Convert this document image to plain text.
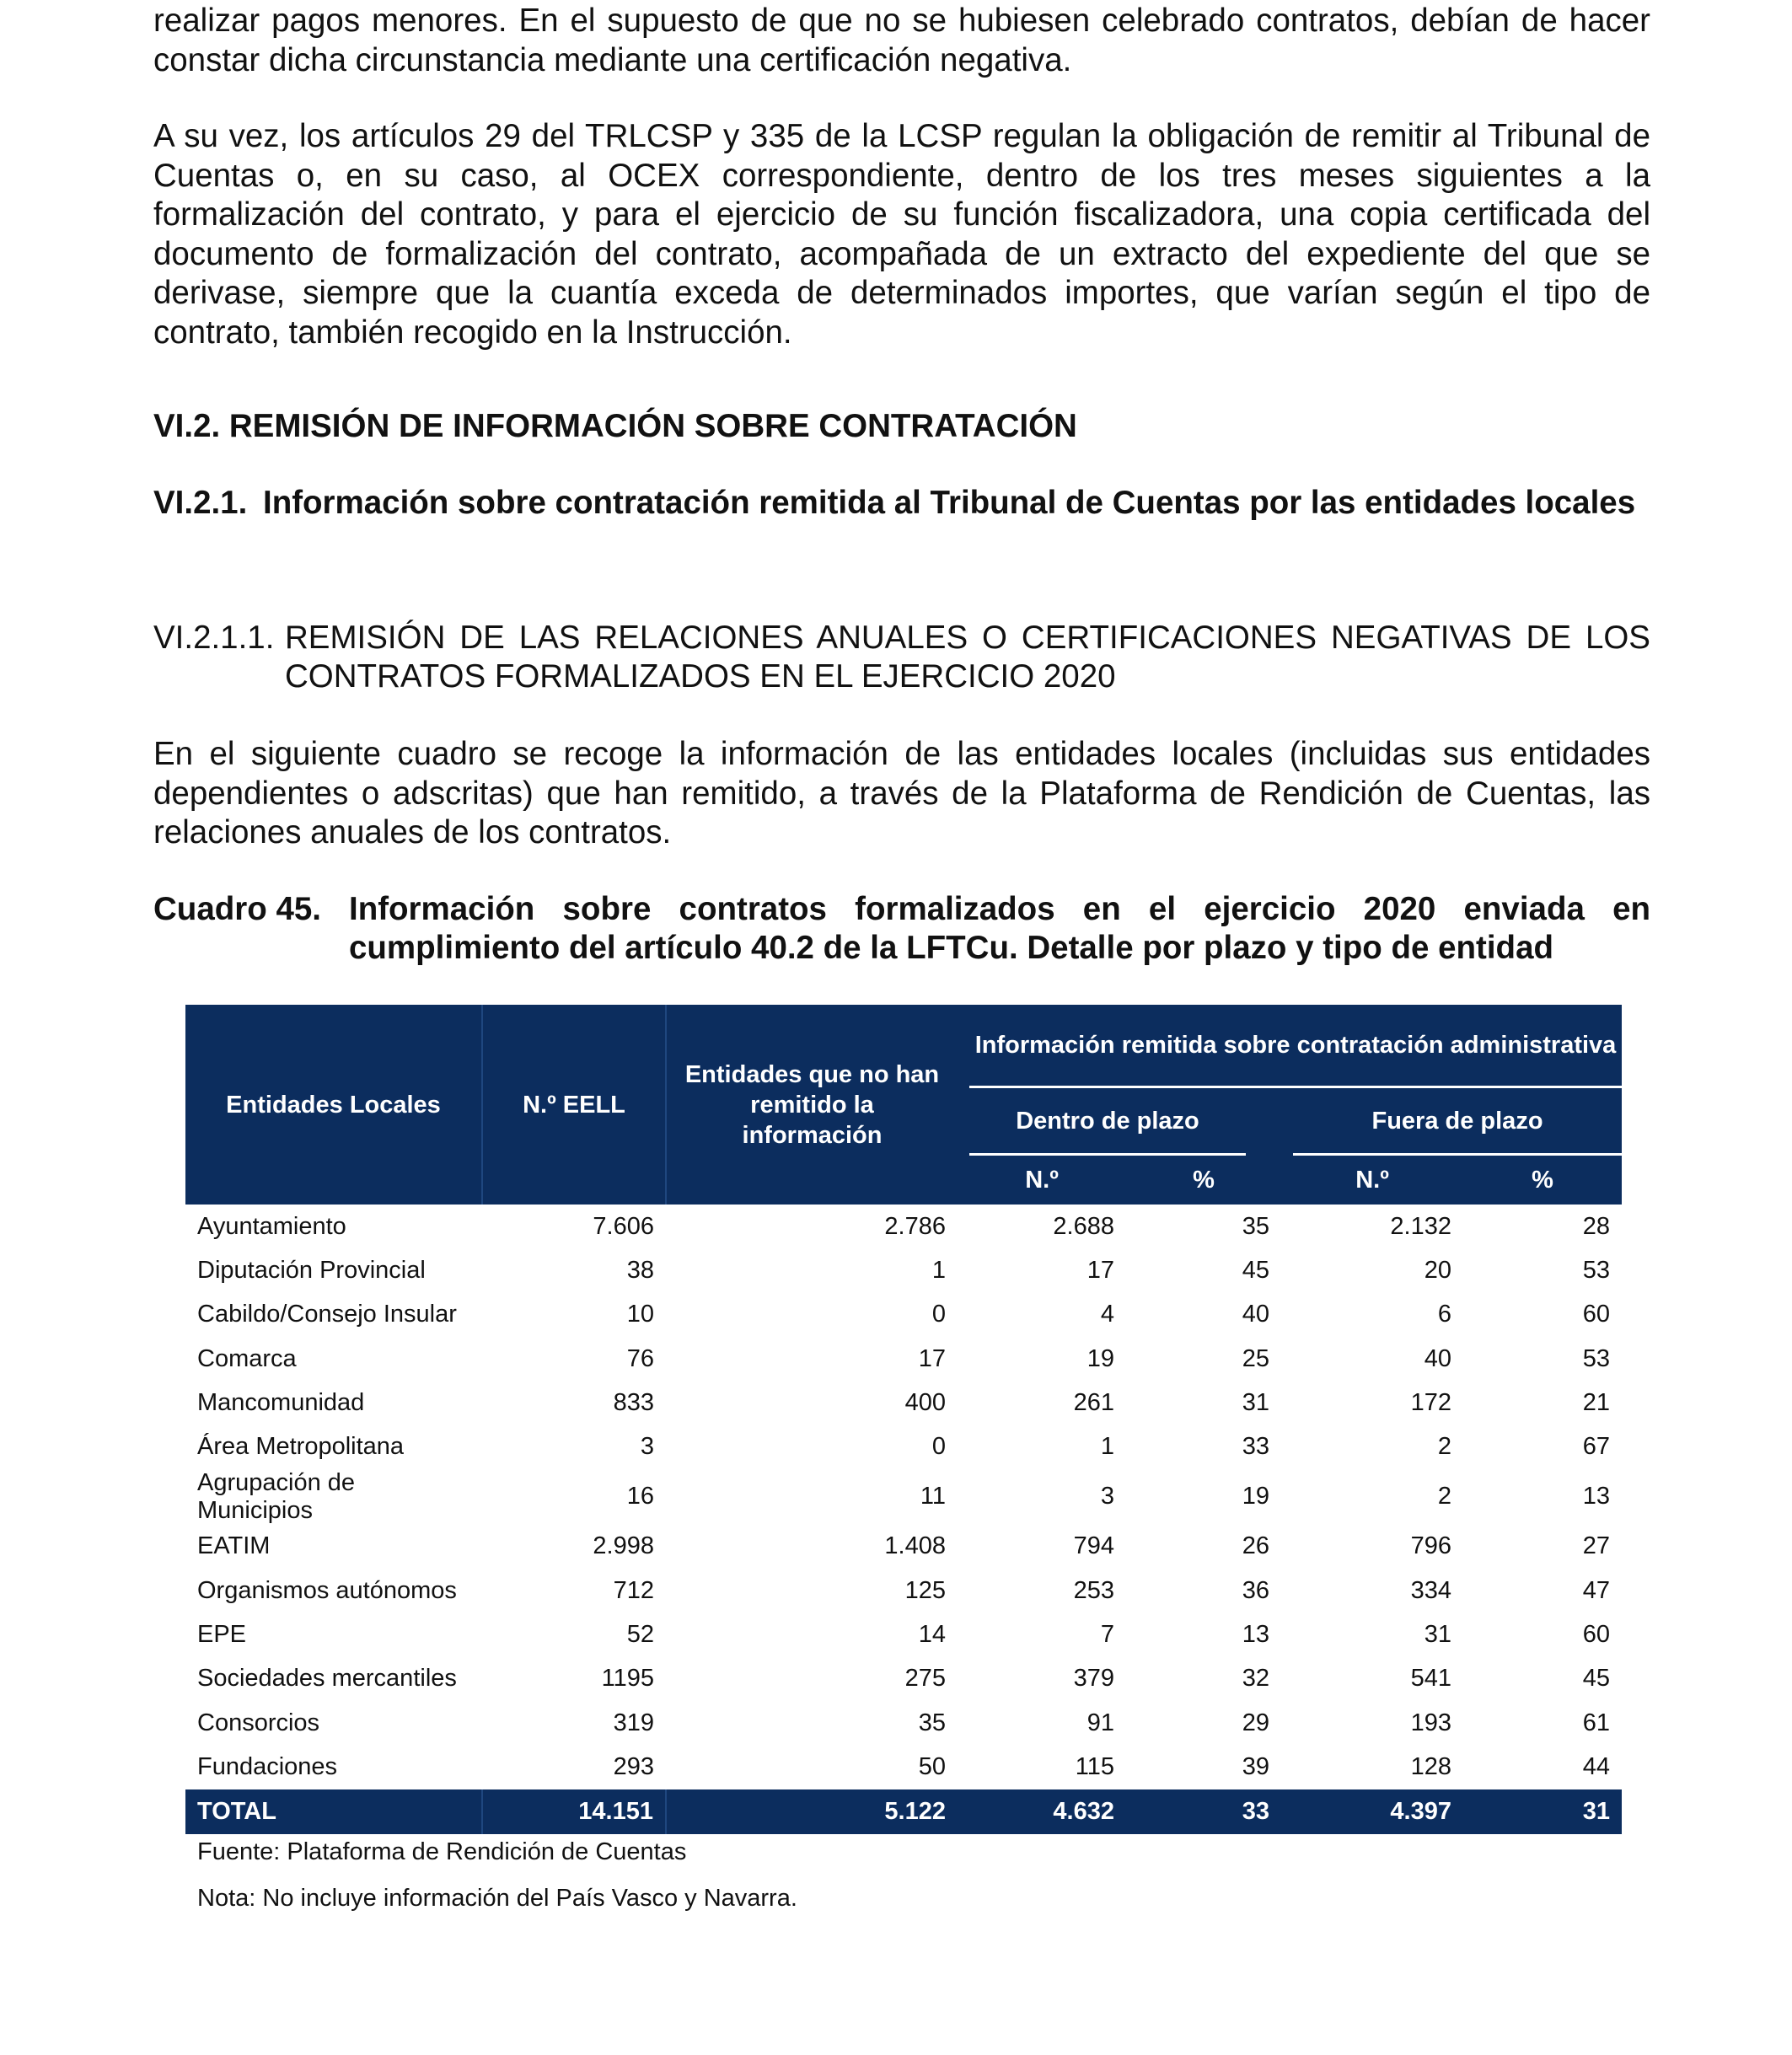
realizar pagos menores. En el supuesto de que no se hubiesen celebrado contratos, debían de hacer constar dicha circunstancia mediante una certificación negativa.
A su vez, los artículos 29 del TRLCSP y 335 de la LCSP regulan la obligación de remitir al Tribunal de Cuentas o, en su caso, al OCEX correspondiente, dentro de los tres meses siguientes a la formalización del contrato, y para el ejercicio de su función fiscalizadora, una copia certificada del documento de formalización del contrato, acompañada de un extracto del expediente del que se derivase, siempre que la cuantía exceda de determinados importes, que varían según el tipo de contrato, también recogido en la Instrucción.
VI.2. REMISIÓN DE INFORMACIÓN SOBRE CONTRATACIÓN
VI.2.1. Información sobre contratación remitida al Tribunal de Cuentas por las entidades locales
VI.2.1.1. REMISIÓN DE LAS RELACIONES ANUALES O CERTIFICACIONES NEGATIVAS DE LOS CONTRATOS FORMALIZADOS EN EL EJERCICIO 2020
En el siguiente cuadro se recoge la información de las entidades locales (incluidas sus entidades dependientes o adscritas) que han remitido, a través de la Plataforma de Rendición de Cuentas, las relaciones anuales de los contratos.
Cuadro 45. Información sobre contratos formalizados en el ejercicio 2020 enviada en cumplimiento del artículo 40.2 de la LFTCu. Detalle por plazo y tipo de entidad
Entidades Locales	N.º EELL	Entidades que no han remitido la información	Información remitida sobre contratación administrativa			

Dentro de plazo		Fuera de plazo	

N.º	%	N.º	%

Ayuntamiento	7.606	2.786	2.688	35	2.132	28
Diputación Provincial	38	1	17	45	20	53
Cabildo/Consejo Insular	10	0	4	40	6	60
Comarca	76	17	19	25	40	53
Mancomunidad	833	400	261	31	172	21
Área Metropolitana	3	0	1	33	2	67
Agrupación de Municipios	16	11	3	19	2	13
EATIM	2.998	1.408	794	26	796	27
Organismos autónomos	712	125	253	36	334	47
EPE	52	14	7	13	31	60
Sociedades mercantiles	1195	275	379	32	541	45
Consorcios	319	35	91	29	193	61
Fundaciones	293	50	115	39	128	44
TOTAL	14.151	5.122	4.632	33	4.397	31
Fuente: Plataforma de Rendición de Cuentas
Nota: No incluye información del País Vasco y Navarra.
